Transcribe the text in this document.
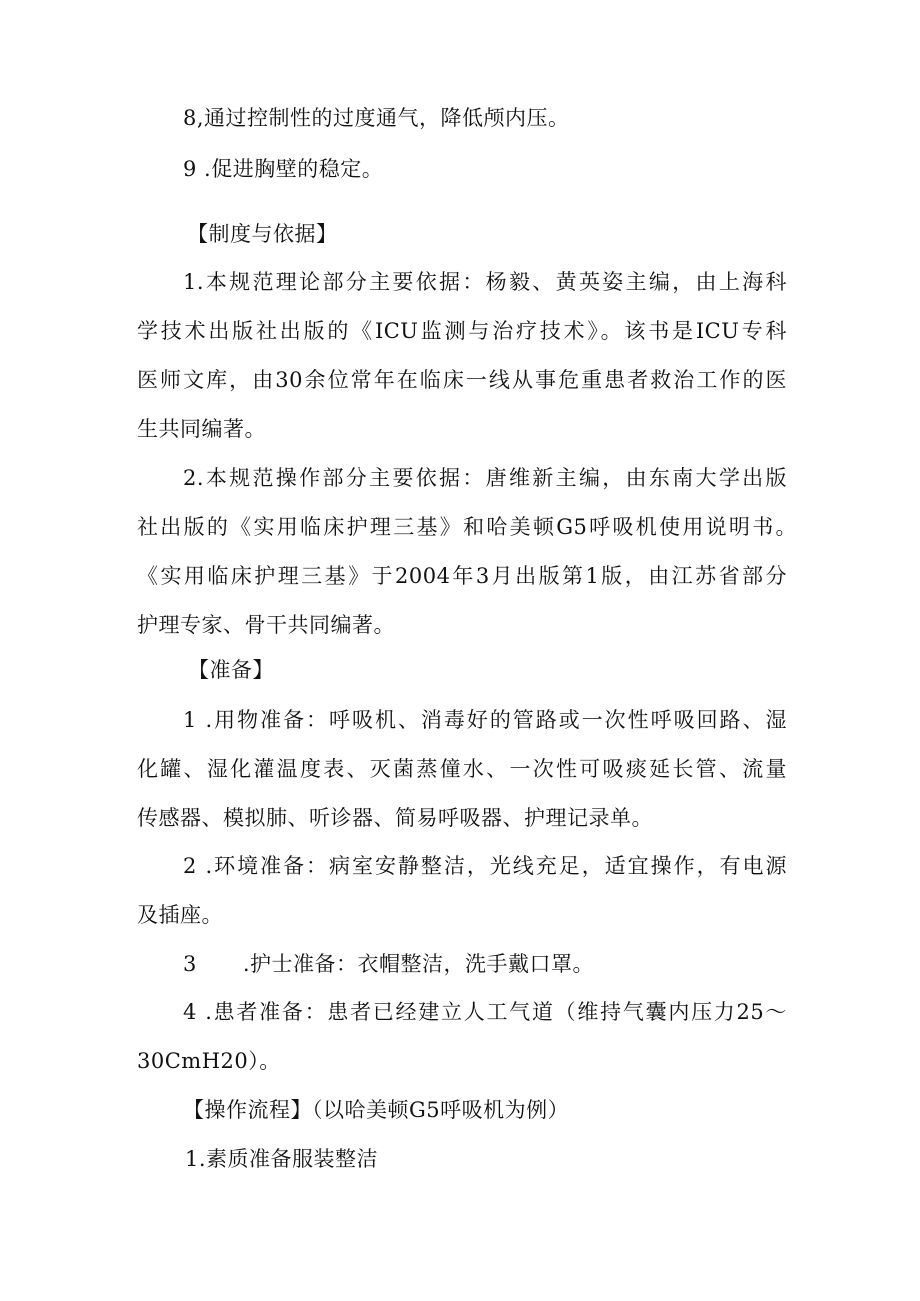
8,通过控制性的过度通气，降低颅内压。
9 .促进胸壁的稳定。
【制度与依据】
1.本规范理论部分主要依据：杨毅、黄英姿主编，由上海科
学技术出版社出版的《ICU监测与治疗技术》。该书是ICU专科
医师文库，由30余位常年在临床一线从事危重患者救治工作的医
生共同编著。
2.本规范操作部分主要依据：唐维新主编，由东南大学出版
社出版的《实用临床护理三基》和哈美顿G5呼吸机使用说明书。
《实用临床护理三基》于2004年3月出版第1版，由江苏省部分
护理专家、骨干共同编著。
【准备】
1 .用物准备：呼吸机、消毒好的管路或一次性呼吸回路、湿
化罐、湿化灌温度表、灭菌蒸僮水、一次性可吸痰延长管、流量
传感器、模拟肺、听诊器、简易呼吸器、护理记录单。
2 .环境准备：病室安静整洁，光线充足，适宜操作，有电源
及插座。
3 .护士准备：衣帽整洁，洗手戴口罩。
4 .患者准备：患者已经建立人工气道（维持气囊内压力25～
30CmH20）。
【操作流程】（以哈美顿G5呼吸机为例）
1.素质准备服装整洁
